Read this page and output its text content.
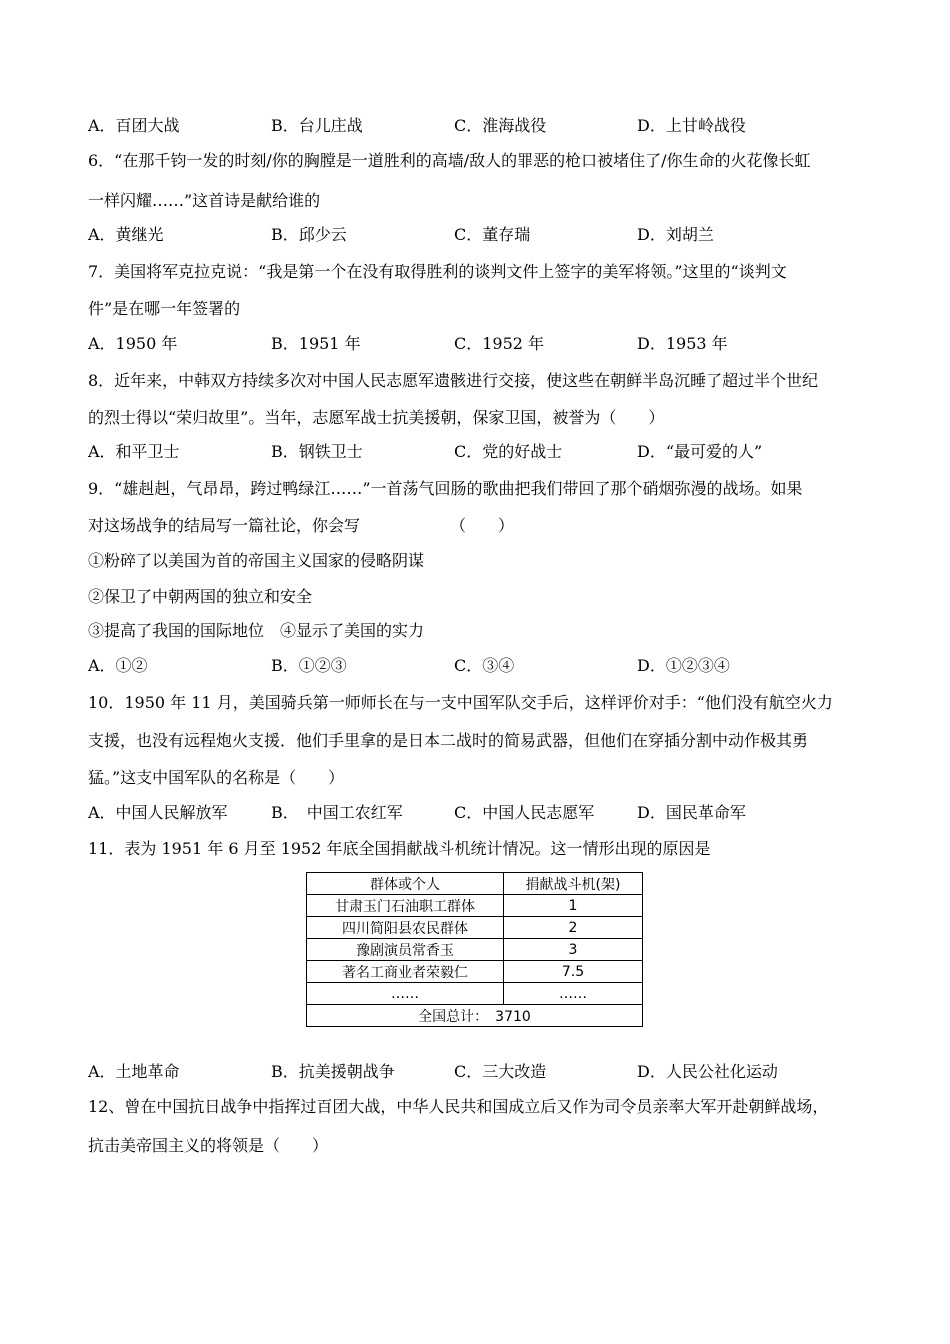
A．百团大战	B．台儿庄战	C．淮海战役	D．上甘岭战役
6．“在那千钧一发的时刻/你的胸膛是一道胜利的高墙/敌人的罪恶的枪口被堵住了/你生命的火花像长虹
一样闪耀……”这首诗是献给谁的
A．黄继光	B．邱少云	C．董存瑞	D．刘胡兰
7．美国将军克拉克说：“我是第一个在没有取得胜利的谈判文件上签字的美军将领。”这里的“谈判文
件”是在哪一年签署的
A．1950 年	B．1951 年	C．1952 年	D．1953 年
8．近年来，中韩双方持续多次对中国人民志愿军遗骸进行交接，使这些在朝鲜半岛沉睡了超过半个世纪
的烈士得以“荣归故里”。当年，志愿军战士抗美援朝，保家卫国，被誉为（　　）
A．和平卫士	B．钢铁卫士	C．党的好战士	D．“最可爱的人”
9．“雄赳赳，气昂昂，跨过鸭绿江……”一首荡气回肠的歌曲把我们带回了那个硝烟弥漫的战场。如果
对这场战争的结局写一篇社论，你会写	（　　）
①粉碎了以美国为首的帝国主义国家的侵略阴谋
②保卫了中朝两国的独立和安全
③提高了我国的国际地位　④显示了美国的实力
A．①②	B．①②③	C．③④	D．①②③④
10．1950 年 11 月，美国骑兵第一师师长在与一支中国军队交手后，这样评价对手：“他们没有航空火力
支援，也没有远程炮火支援．他们手里拿的是日本二战时的简易武器，但他们在穿插分割中动作极其勇
猛。”这支中国军队的名称是（　　）
A．中国人民解放军	B．　中国工农红军	C．中国人民志愿军	D．国民革命军
11．表为 1951 年 6 月至 1952 年底全国捐献战斗机统计情况。这一情形出现的原因是
群体或个人	捐献战斗机(架)
甘肃玉门石油职工群体	1
四川简阳县农民群体	2
豫剧演员常香玉	3
著名工商业者荣毅仁	7.5
……	……
全国总计：　3710	
A．土地革命	B．抗美援朝战争	C．三大改造	D．人民公社化运动
12、曾在中国抗日战争中指挥过百团大战，中华人民共和国成立后又作为司令员亲率大军开赴朝鲜战场，
抗击美帝国主义的将领是（　　）
